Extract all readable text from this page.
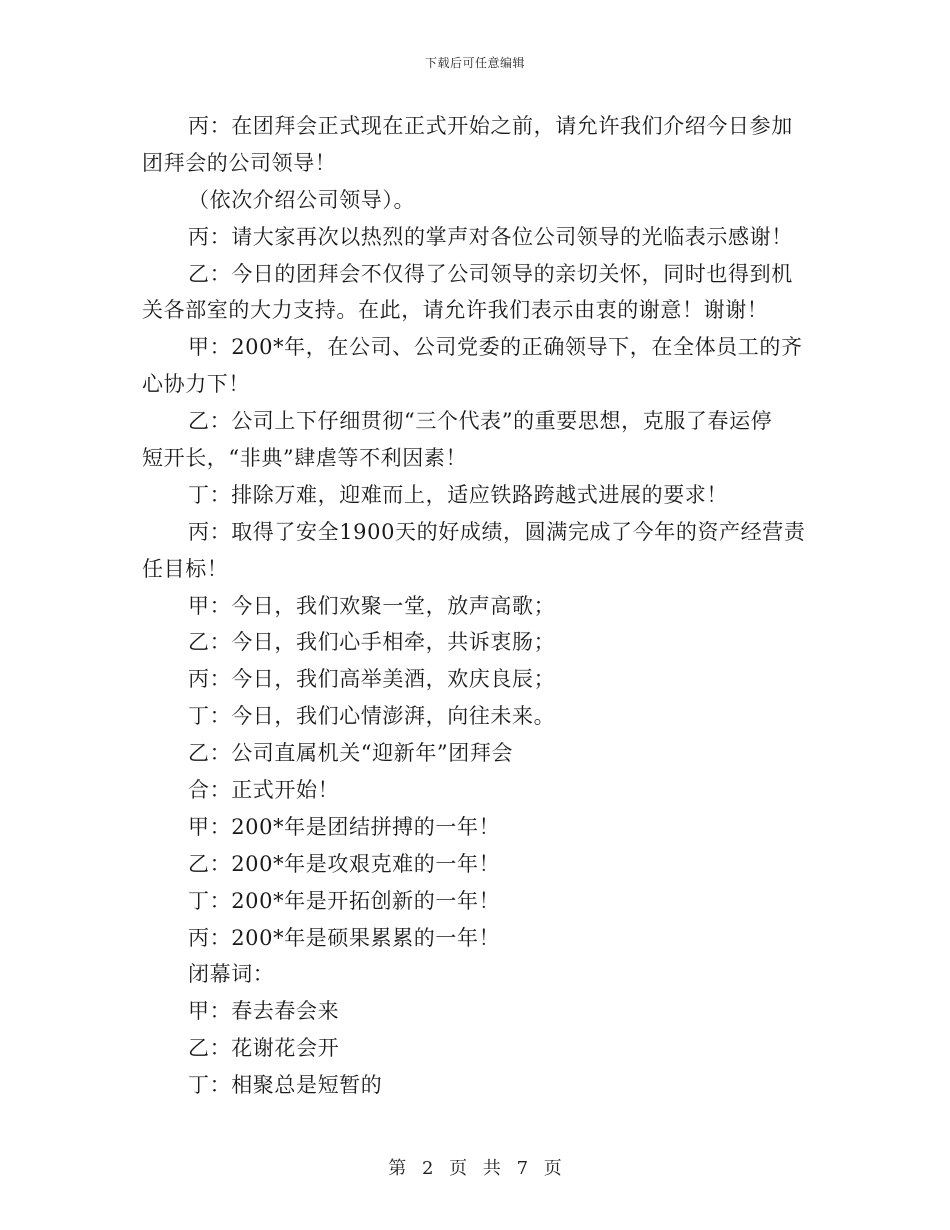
下载后可任意编辑
丙：在团拜会正式现在正式开始之前，请允许我们介绍今日参加
团拜会的公司领导！
（依次介绍公司领导）。
丙：请大家再次以热烈的掌声对各位公司领导的光临表示感谢！
乙：今日的团拜会不仅得了公司领导的亲切关怀，同时也得到机
关各部室的大力支持。在此，请允许我们表示由衷的谢意！谢谢！
甲：200*年，在公司、公司党委的正确领导下，在全体员工的齐
心协力下！
乙：公司上下仔细贯彻“三个代表”的重要思想，克服了春运停
短开长，“非典”肆虐等不利因素！
丁：排除万难，迎难而上，适应铁路跨越式进展的要求！
丙：取得了安全1900天的好成绩，圆满完成了今年的资产经营责
任目标！
甲：今日，我们欢聚一堂，放声高歌；
乙：今日，我们心手相牵，共诉衷肠；
丙：今日，我们高举美酒，欢庆良辰；
丁：今日，我们心情澎湃，向往未来。
乙：公司直属机关“迎新年”团拜会
合：正式开始！
甲：200*年是团结拼搏的一年！
乙：200*年是攻艰克难的一年！
丁：200*年是开拓创新的一年！
丙：200*年是硕果累累的一年！
闭幕词：
甲：春去春会来
乙：花谢花会开
丁：相聚总是短暂的
第 2 页 共 7 页
